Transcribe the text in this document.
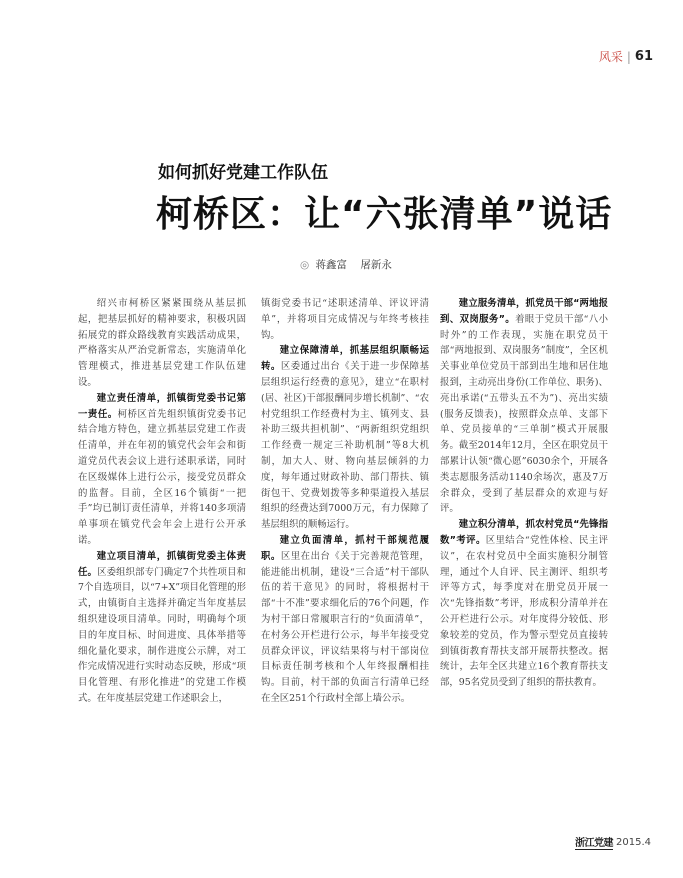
风采 | 61
如何抓好党建工作队伍
柯桥区：让“六张清单”说话
◎ 蒋鑫富 屠新永

绍兴市柯桥区紧紧围绕从基层抓起，把基层抓好的精神要求，积极巩固拓展党的群众路线教育实践活动成果，严格落实从严治党新常态，实施清单化管理模式，推进基层党建工作队伍建设。

建立责任清单，抓镇街党委书记第一责任。柯桥区首先组织镇街党委书记结合地方特色，建立抓基层党建工作责任清单，并在年初的镇党代会年会和街道党员代表会议上进行述职承诺，同时在区级媒体上进行公示，接受党员群众的监督。目前，全区16个镇街“一把手”均已制订责任清单，并将140多项清单事项在镇党代会年会上进行公开承诺。

建立项目清单，抓镇街党委主体责任。区委组织部专门确定7个共性项目和7个自选项目，以“7+X”项目化管理的形式，由镇街自主选择并确定当年度基层组织建设项目清单。同时，明确每个项目的年度目标、时间进度、具体举措等细化量化要求，制作进度公示牌，对工作完成情况进行实时动态反映，形成“项目化管理、有形化推进”的党建工作模式。在年度基层党建工作述职会上，

镇街党委书记“述职述清单、评议评清单”，并将项目完成情况与年终考核挂钩。

建立保障清单，抓基层组织顺畅运转。区委通过出台《关于进一步保障基层组织运行经费的意见》，建立“在职村(居、社区)干部报酬同步增长机制”、“农村党组织工作经费村为主、镇列支、县补助三级共担机制”、“两新组织党组织工作经费一规定三补助机制”等8大机制，加大人、财、物向基层倾斜的力度，每年通过财政补助、部门帮扶、镇街包干、党费划拨等多种渠道投入基层组织的经费达到7000万元，有力保障了基层组织的顺畅运行。

建立负面清单，抓村干部规范履职。区里在出台《关于完善规范管理，能进能出机制，建设“三合适”村干部队伍的若干意见》的同时，将根据村干部“十不准”要求细化后的76个问题，作为村干部日常履职言行的“负面清单”，在村务公开栏进行公示，每半年接受党员群众评议，评议结果将与村干部岗位目标责任制考核和个人年终报酬相挂钩。目前，村干部的负面言行清单已经在全区251个行政村全部上墙公示。

建立服务清单，抓党员干部“两地报到、双岗服务”。着眼于党员干部“八小时外”的工作表现，实施在职党员干部“两地报到、双岗服务”制度”，全区机关事业单位党员干部到出生地和居住地报到，主动亮出身份(工作单位、职务)、亮出承诺(“五带头五不为”)、亮出实绩(服务反馈表)，按照群众点单、支部下单、党员接单的“三单制”模式开展服务。截至2014年12月，全区在职党员干部累计认领“微心愿”6030余个，开展各类志愿服务活动1140余场次，惠及7万余群众，受到了基层群众的欢迎与好评。

建立积分清单，抓农村党员“先锋指数”考评。区里结合“党性体检、民主评议”，在农村党员中全面实施积分制管理，通过个人自评、民主测评、组织考评等方式，每季度对在册党员开展一次“先锋指数”考评，形成积分清单并在公开栏进行公示。对年度得分较低、形象较差的党员，作为警示型党员直接转到镇街教育帮扶支部开展帮扶整改。据统计，去年全区共建立16个教育帮扶支部，95名党员受到了组织的帮扶教育。

浙江党建 2015.4
